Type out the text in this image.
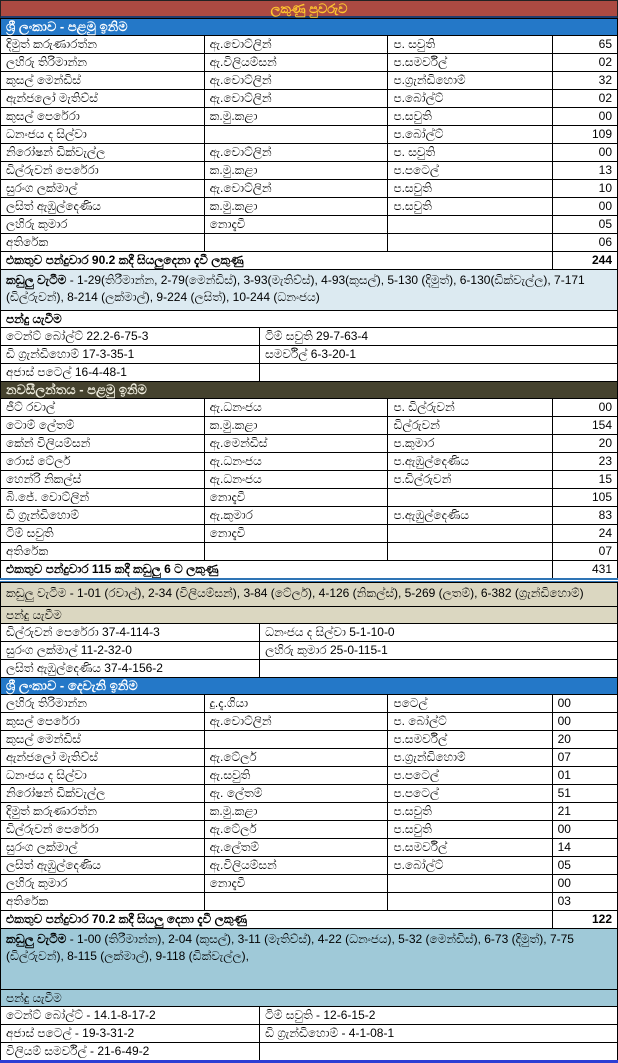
ලකුණු පුවරුව
ශ්‍රී ලංකාව - පළමු ඉනිම
දිමුත් කරුණාරත්න	ඇ.වොට්ලින්	ප. සවුති	65
ලහිරු තිරිමාන්න	ඇ.විලියම්සන්	ප.සමර්විල්	02
කුසල් මෙන්ඩිස්	ඇ.වොට්ලින්	ප.ග්‍රැන්ඩිහොම්	32
ඇන්ජලෝ මැතිව්ස්	ඇ.වොට්ලින්	ප.බෝල්ට්	02
කුසල් පෙරේරා	ක.මු.කළා	ප.සවුති	00
ධනංජය ද සිල්වා		ප.බෝල්ට්	109
නිරෝෂන් ඩික්වැල්ල	ඇ.වොට්ලින්	ප. සවුති	00
ඩිල්රුවන් පෙරේරා	ක.මු.කළා	ප.පටෙල්	13
සුරංග ලක්මාල්	ඇ.වොට්ලින්	ප.සවුති	10
ලසිත් ඇඹුල්දෙණිය	ක.මු.කළා	ප.සවුති	00
ලහිරු කුමාර	නොදැවී		05
අතිරේක			06
එකතුව පන්දුවාර 90.2 කදී සියලුදෙනා දැවී ලකුණු			244
කඩුලු වැටීම - 1-29(තිරීමාන්න, 2-79(මෙන්ඩිස්), 3-93(මැතිව්ස්), 4-93(කුසල්), 5-130 (දිමුත්), 6-130(ඩික්වැල්ල), 7-171 (ඩිල්රුවන්), 8-214 (ලක්මාල්), 9-224 (ලසිත්), 10-244 (ධනංජය)
පන්දු යැවීම
ටෙන්ට් බෝල්ට් 22.2-6-75-3	ටිම් සවුති 29-7-63-4
ඩි ග්‍රැන්ඩිහොම් 17-3-35-1	සමර්විල් 6-3-20-1
අජාස් පටෙල් 16-4-48-1	
නවසීලන්තය - පළමු ඉනිම
ජීට් රවාල්	ඇ.ධනංජය	ප. ඩිල්රුවන්	00
ටොම් ලේතම්	ක.මු.කළා	ඩිල්රුවන්	154
කේන් විලියම්සන්	ඇ.මෙන්ඩිස්	ප.කුමාර	20
රොස් ටේලර්	ඇ.ධනංජය	ප.ඇඹුල්දෙණිය	23
හෙන්රි නිකල්ස්	ඇ.ධනංජය	ප.ඩිල්රුවන්	15
බි.ජේ. වොට්ලින්	නොදැවී		105
ඩි ග්‍රැන්ඩිහොම්	ඇ.කුමාර	ප.ඇඹුල්දෙණිය	83
ටිම් සවුති	නොදැවී		24
අතිරේක			07
එකතුව පන්දුවාර 115 කදී කඩුලු 6 ට ලකුණු			431
කඩුලු වැටීම - 1-01 (රවාල්), 2-34 (විලියම්සන්), 3-84 (ටේලර්), 4-126 (නිකල්ස්), 5-269 (ලතම්), 6-382 (ග්‍රැන්ඩිහොම්)
පන්දු යැවීම
ඩිල්රුවන් පෙරේරා 37-4-114-3	ධනංජය ද සිල්වා 5-1-10-0
සුරංග ලක්මාල් 11-2-32-0	ලහිරු කුමාර 25-0-115-1
ලසිත් ඇඹුල්දෙණිය 37-4-156-2	
ශ්‍රී ලංකාව - දෙවැනි ඉනිම
ලහිරු තිරිමාන්න	දු.දැ.ගියා	පටෙල්	00
කුසල් පෙරේරා	ඇ.වොට්ලින්	ප. බෝල්ට්	00
කුසල් මෙන්ඩිස්		ප.සමර්විල්	20
ඇන්ජලෝ මැතිව්ස්	ඇ.ටේලර්	ප.ග්‍රැන්ඩිහොම්	07
ධනංජය ද සිල්වා	ඇ.සවුති	ප.පටෙල්	01
නිරෝෂන් ඩික්වැල්ල	ඇ. ලේතම්	ප.පටෙල්	51
දිමුත් කරුණාරත්න	ක.මු.කළා	ප.සවුති	21
ඩිල්රුවන් පෙරේරා	ඇ.ටේලර්	ප.සවුති	00
සුරංග ලක්මාල්	ඇ.ලේතම්	ප.සමර්විල්	14
ලසිත් ඇඹුල්දෙණිය	ඇ.විලියම්සන්	ප.බෝල්ට්	05
ලහිරු කුමාර	නොදැවී		00
අතිරේක			03
එකතුව පන්දුවාර 70.2 කදී සියලු දෙනා දැවී ලකුණු			122
කඩුලු වැටීම - 1-00 (තිරීමාන්න), 2-04 (කුසල්), 3-11 (මැතිව්ස්), 4-22 (ධනංජය), 5-32 (මෙන්ඩිස්), 6-73 (දිමුත්), 7-75 (ඩිල්රුවන්), 8-115 (ලක්මාල්), 9-118 (ඩික්වැල්ල),
පන්දු යැවීම
ටෙන්ට් බෝල්ට් - 14.1-8-17-2	ටිම් සවුති - 12-6-15-2
අජාස් පටෙල් - 19-3-31-2	ඩි ග්‍රැන්ඩිහොම් - 4-1-08-1
විලියම් සමර්විල් - 21-6-49-2	
